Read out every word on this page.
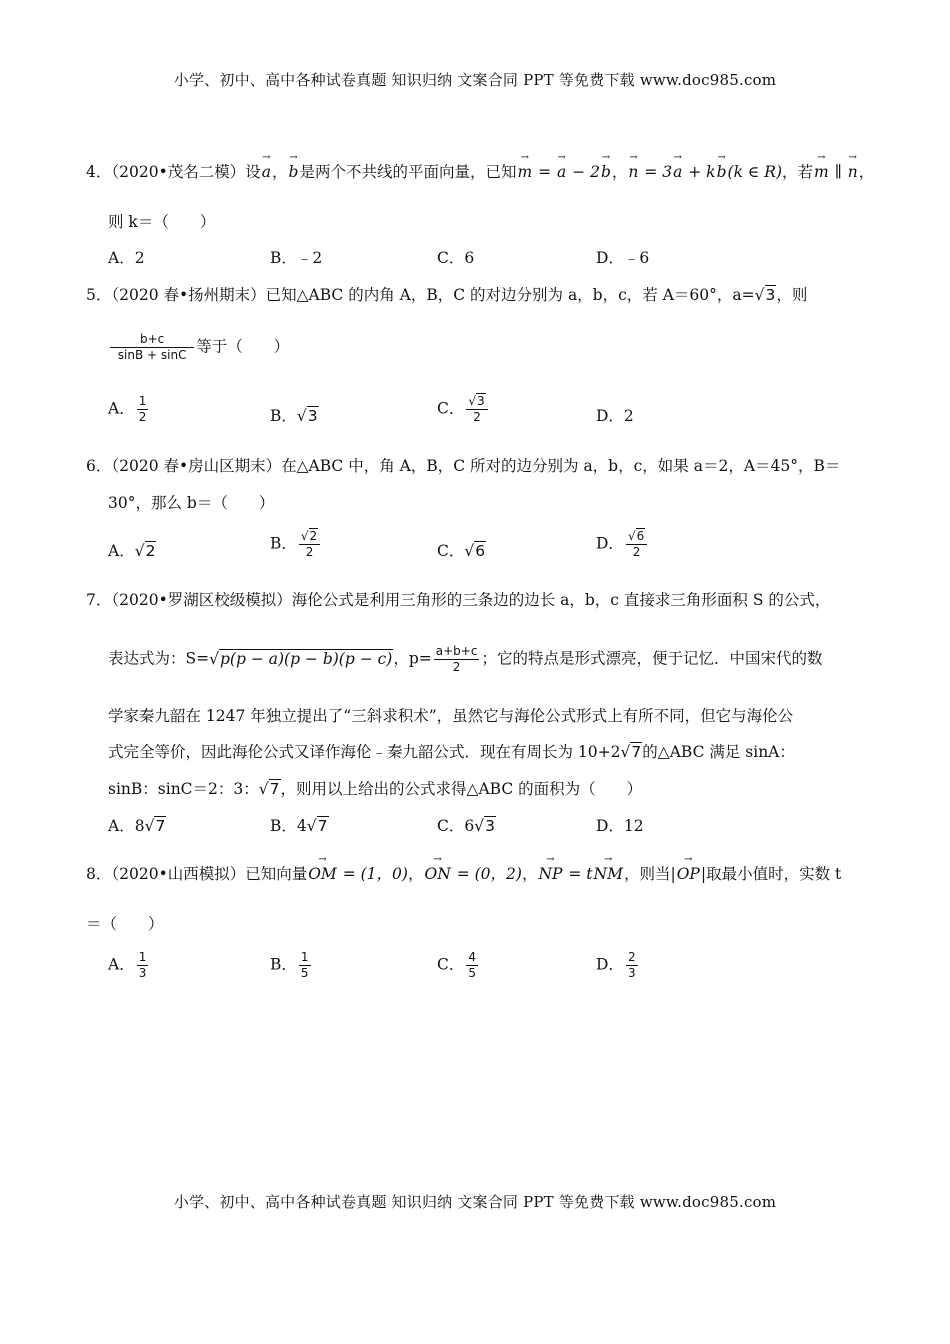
小学、初中、高中各种试卷真题 知识归纳 文案合同 PPT 等免费下载 www.doc985.com
4．（2020•茂名二模）设→ a，→ b是两个不共线的平面向量，已知→ m = → a − 2→ b，→ n = 3→ a + k→ b(k ∈ R)，若→ m ∥ → n，
则 k＝（　　）
A．2	B．﹣2	C．6	D．﹣6
5．（2020 春•扬州期末）已知△ABC 的内角 A，B，C 的对边分别为 a，b，c，若 A＝60°，a=√3，则
$\frac{b+c}{\sin B + \sin C}$ 等于（　　）
A． $\frac{1}{2}$	B．√3	C． $\frac{√3}{2}$	D．2
6．（2020 春•房山区期末）在△ABC 中，角 A，B，C 所对的边分别为 a，b，c，如果 a＝2，A＝45°，B＝
30°，那么 b＝（　　）
A．√2	B． $\frac{√2}{2}$	C．√6	D． $\frac{√6}{2}$
7．（2020•罗湖区校级模拟）海伦公式是利用三角形的三条边的边长 a，b，c 直接求三角形面积 S 的公式，
表达式为：S=√p(p − a)(p − b)(p − c)，$p= \frac{a+b+c}{2}$ ；它的特点是形式漂亮，便于记忆．中国宋代的数
学家秦九韶在 1247 年独立提出了“三斜求积术”，虽然它与海伦公式形式上有所不同，但它与海伦公
式完全等价，因此海伦公式又译作海伦﹣秦九韶公式．现在有周长为 10+2√7的△ABC 满足 sinA：
sinB：sinC＝2：3：√7，则用以上给出的公式求得△ABC 的面积为（　　）
A．8√7	B．4√7	C．6√3	D．12
8．（2020•山西模拟）已知向量→ OM = (1，0)，→ ON = (0，2)，→ NP = t→ NM，则当|→ OP|取最小值时，实数 t
＝（　　）
A． $\frac{1}{3}$	B． $\frac{1}{5}$	C． $\frac{4}{5}$	D． $\frac{2}{3}$
小学、初中、高中各种试卷真题 知识归纳 文案合同 PPT 等免费下载 www.doc985.com
